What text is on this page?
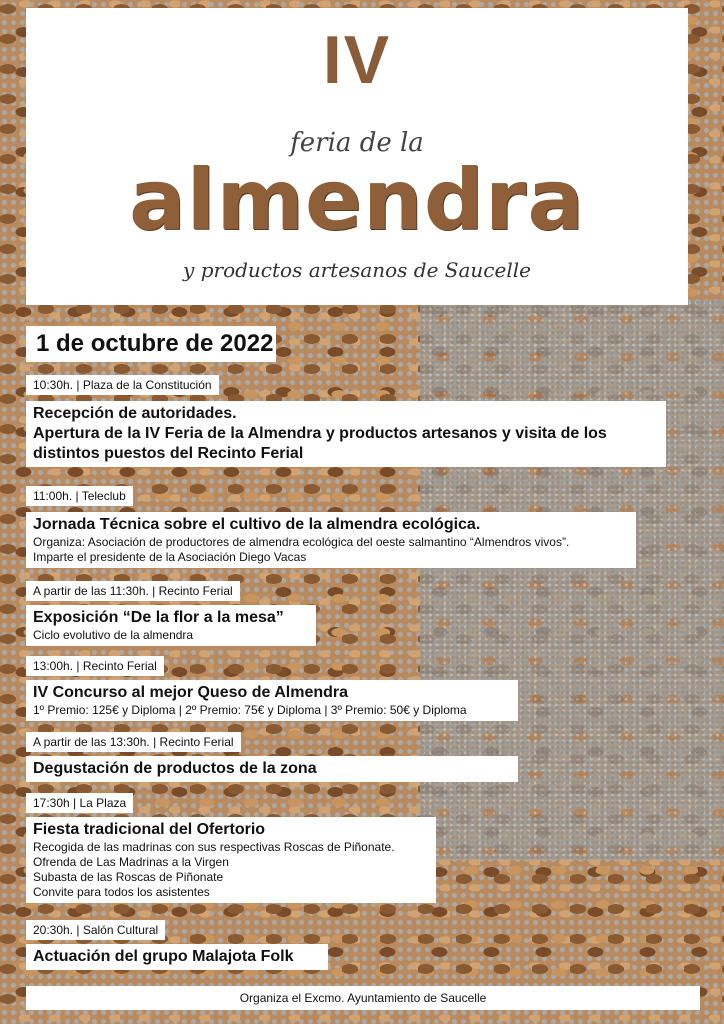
IV
feria de la
almendra
y productos artesanos de Saucelle
1 de octubre de 2022
10:30h. | Plaza de la Constitución
Recepción de autoridades.
Apertura de la IV Feria de la Almendra y productos artesanos y visita de los
distintos puestos del Recinto Ferial
11:00h. | Teleclub
Jornada Técnica sobre el cultivo de la almendra ecológica.
Organiza: Asociación de productores de almendra ecológica del oeste salmantino “Almendros vivos”.
Imparte el presidente de la Asociación Diego Vacas
A partir de las 11:30h. | Recinto Ferial
Exposición “De la flor a la mesa”
Ciclo evolutivo de la almendra
13:00h. | Recinto Ferial
IV Concurso al mejor Queso de Almendra
1º Premio: 125€ y Diploma | 2º Premio: 75€ y Diploma | 3º Premio: 50€ y Diploma
A partir de las 13:30h. | Recinto Ferial
Degustación de productos de la zona
17:30h | La Plaza
Fiesta tradicional del Ofertorio
Recogida de las madrinas con sus respectivas Roscas de Piñonate.
Ofrenda de Las Madrinas a la Virgen
Subasta de las Roscas de Piñonate
Convite para todos los asistentes
20:30h. | Salón Cultural
Actuación del grupo Malajota Folk
Organiza el Excmo. Ayuntamiento de Saucelle
